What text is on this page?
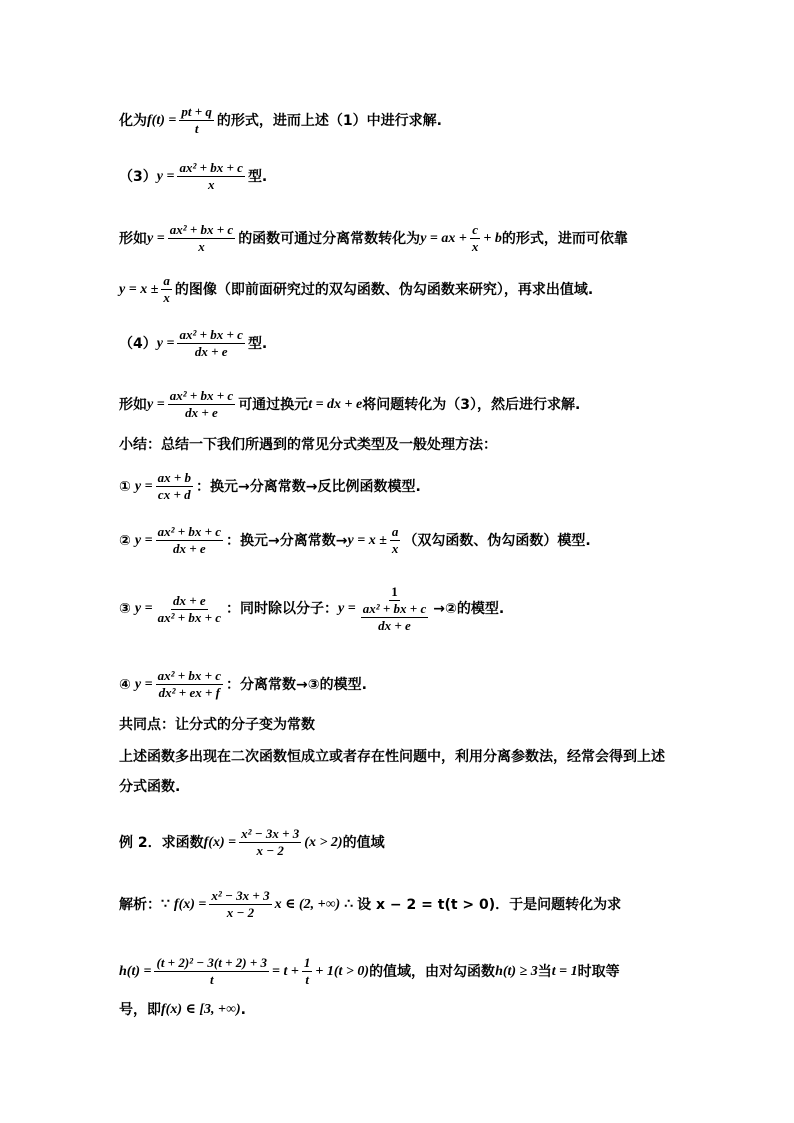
化为 $f(t) = \frac{pt + q}{t}$ 的形式，进而上述（1）中进行求解.
（3） $y = \frac{\text{ax² + bx + c}}{x}$ 型.
形如 $y = \frac{\text{ax² + bx + c}}{x}$ 的函数可通过分离常数转化为 y = ax + $\frac{c}{x} + b$ 的形式，进而可依靠
$y = x \pm \frac{a}{x}$ 的图像（即前面研究过的双勾函数、伪勾函数来研究），再求出值域.
（4） $y = \frac{\text{ax² + bx + c}}{dx + e}$ 型.
形如 $y = \frac{\text{ax² + bx + c}}{dx + e}$ 可通过换元 t = dx + e 将问题转化为（3），然后进行求解.
小结：总结一下我们所遇到的常见分式类型及一般处理方法：
① $y = \frac{ax + b}{cx + d}$ ：换元→分离常数→反比例函数模型.
② $y = \frac{\text{ax² + bx + c}}{dx + e}$ ：换元→分离常数→ $y = x \pm \frac{a}{x}$ （双勾函数、伪勾函数）模型.
③ $y = \frac{dx + e}{\text{ax² + bx + c}}$ ：同时除以分子： $y = \frac{1}{\frac{\text{ax² + bx + c}}{dx + e}}$ →②的模型.
④ $y = \frac{\text{ax² + bx + c}}{\text{dx² + ex + f}}$ ：分离常数→③的模型.
共同点：让分式的分子变为常数
上述函数多出现在二次函数恒成立或者存在性问题中，利用分离参数法，经常会得到上述
分式函数.
例 2．求函数 $f(x) = \frac{\text{x² − 3x + 3}}{x - 2} (x > 2)$ 的值域
解析： ∵ $f(x) = \frac{\text{x² − 3x + 3}}{x - 2}$ x ∈ (2, +∞) ∴ 设 x − 2 = t(t > 0)．于是问题转化为求
$h(t) = \frac{\text{(t + 2)² − 3(t + 2) + 3}}{t} = t + \frac{1}{t} + 1(t > 0)$ 的值域，由对勾函数 h(t) ≥ 3 当 t = 1 时取等
号，即 f(x) ∈ [3, +∞) .
